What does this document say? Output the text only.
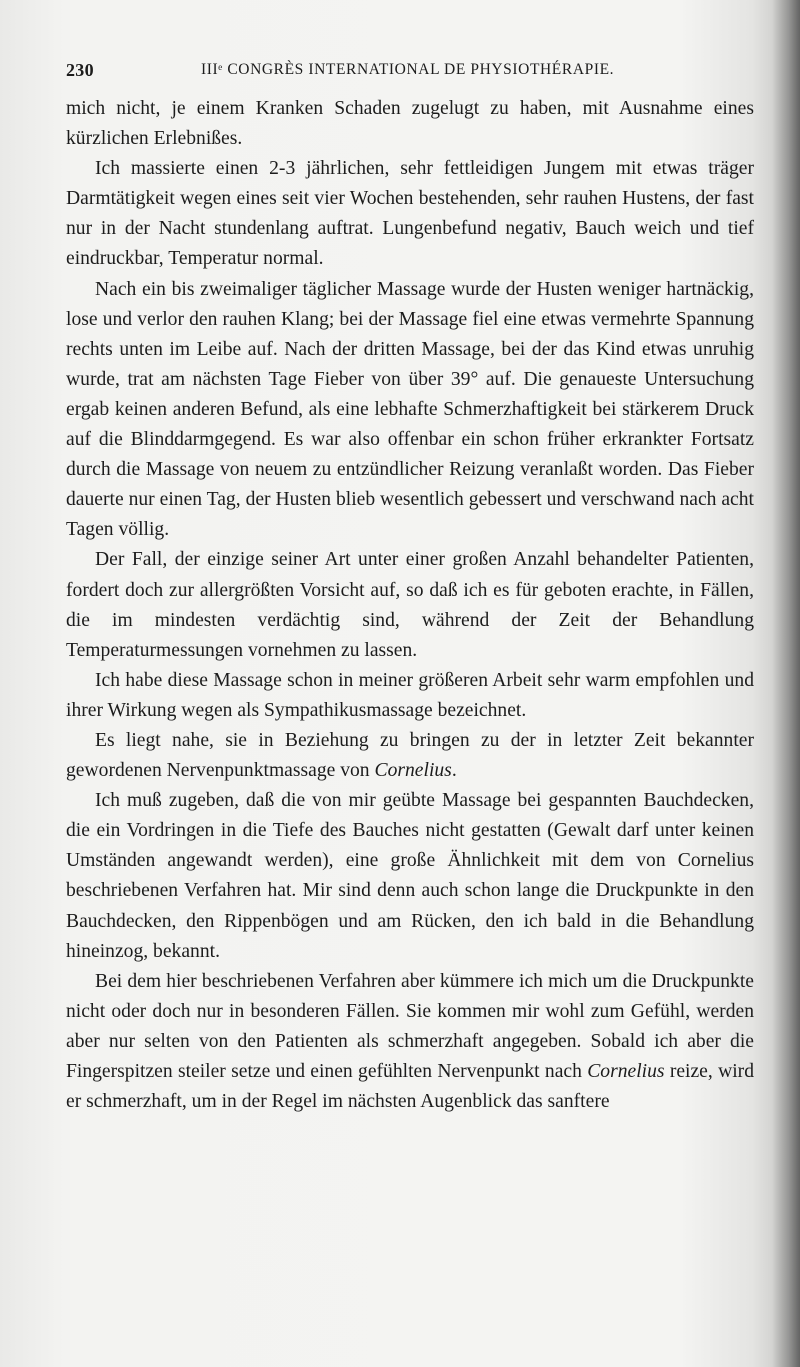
230	IIIᵉ CONGRÈS INTERNATIONAL DE PHYSIOTHÉRAPIE.

mich nicht, je einem Kranken Schaden zugelugt zu haben, mit Ausnahme eines kürzlichen Erlebnißes.

Ich massierte einen 2-3 jährlichen, sehr fettleidigen Jungem mit etwas träger Darmtätigkeit wegen eines seit vier Wochen bestehenden, sehr rauhen Hustens, der fast nur in der Nacht stundenlang auftrat. Lungenbefund negativ, Bauch weich und tief eindruckbar, Temperatur normal.

Nach ein bis zweimaliger täglicher Massage wurde der Husten weniger hartnäckig, lose und verlor den rauhen Klang; bei der Massage fiel eine etwas vermehrte Spannung rechts unten im Leibe auf. Nach der dritten Massage, bei der das Kind etwas unruhig wurde, trat am nächsten Tage Fieber von über 39° auf. Die genaueste Untersuchung ergab keinen anderen Befund, als eine lebhafte Schmerzhaftigkeit bei stärkerem Druck auf die Blinddarmgegend. Es war also offenbar ein schon früher erkrankter Fortsatz durch die Massage von neuem zu entzündlicher Reizung veranlaßt worden. Das Fieber dauerte nur einen Tag, der Husten blieb wesentlich gebessert und verschwand nach acht Tagen völlig.

Der Fall, der einzige seiner Art unter einer großen Anzahl behandelter Patienten, fordert doch zur allergrößten Vorsicht auf, so daß ich es für geboten erachte, in Fällen, die im mindesten verdächtig sind, während der Zeit der Behandlung Temperaturmessungen vornehmen zu lassen.

Ich habe diese Massage schon in meiner größeren Arbeit sehr warm empfohlen und ihrer Wirkung wegen als Sympathikusmassage bezeichnet.

Es liegt nahe, sie in Beziehung zu bringen zu der in letzter Zeit bekannter gewordenen Nervenpunktmassage von Cornelius.

Ich muß zugeben, daß die von mir geübte Massage bei gespannten Bauchdecken, die ein Vordringen in die Tiefe des Bauches nicht gestatten (Gewalt darf unter keinen Umständen angewandt werden), eine große Ähnlichkeit mit dem von Cornelius beschriebenen Verfahren hat. Mir sind denn auch schon lange die Druckpunkte in den Bauchdecken, den Rippenbögen und am Rücken, den ich bald in die Behandlung hineinzog, bekannt.

Bei dem hier beschriebenen Verfahren aber kümmere ich mich um die Druckpunkte nicht oder doch nur in besonderen Fällen. Sie kommen mir wohl zum Gefühl, werden aber nur selten von den Patienten als schmerzhaft angegeben. Sobald ich aber die Fingerspitzen steiler setze und einen gefühlten Nervenpunkt nach Cornelius reize, wird er schmerzhaft, um in der Regel im nächsten Augenblick das sanftere
